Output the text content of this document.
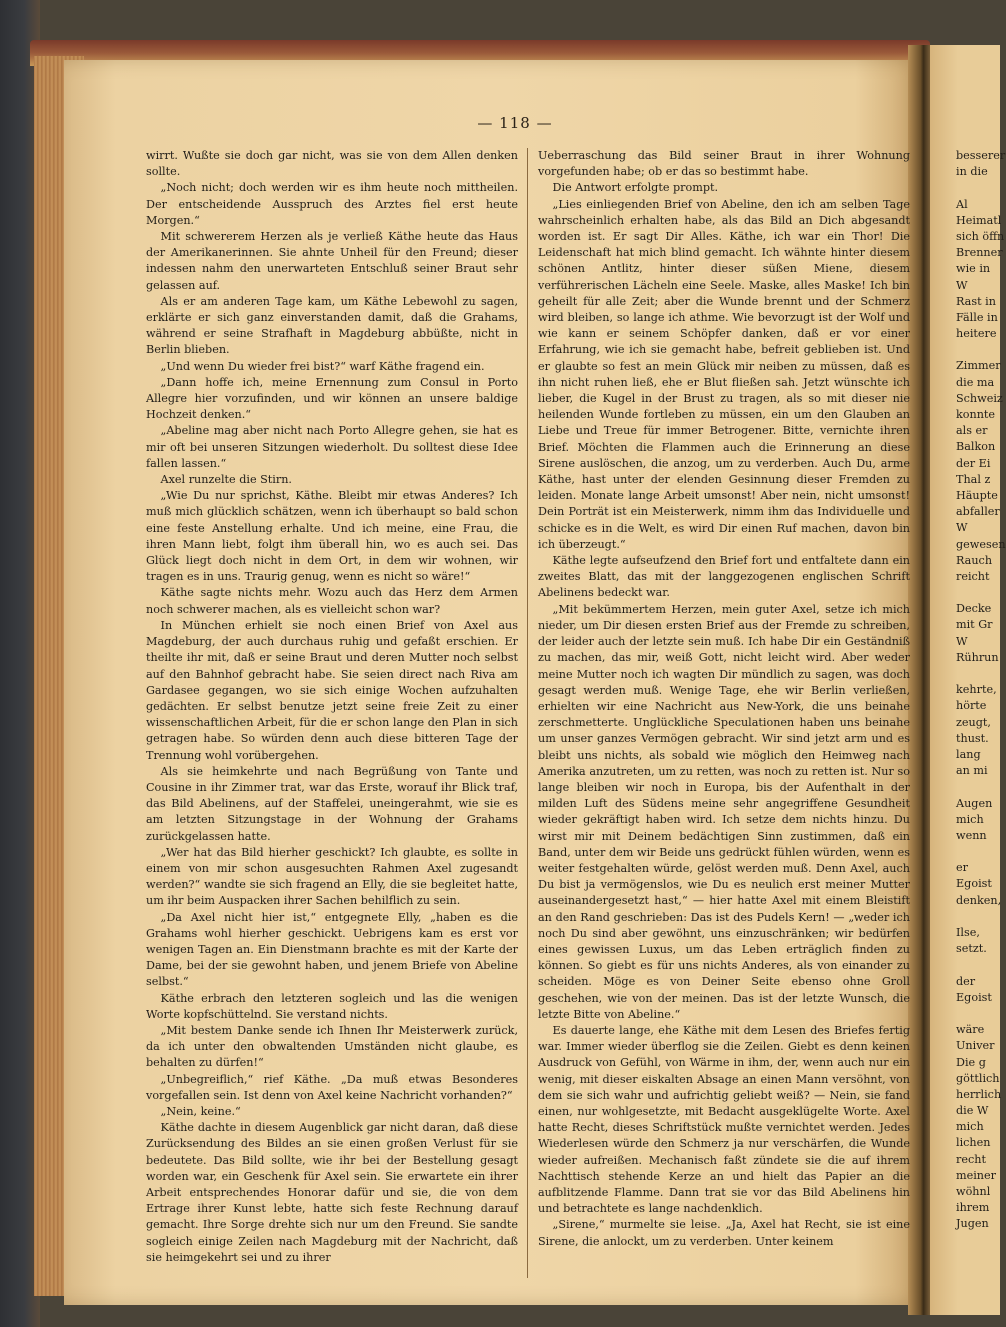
— 118 —

wirrt. Wußte sie doch gar nicht, was sie von dem Allen denken sollte.

„Noch nicht; doch werden wir es ihm heute noch mittheilen. Der entscheidende Ausspruch des Arztes fiel erst heute Morgen.“

Mit schwererem Herzen als je verließ Käthe heute das Haus der Amerikanerinnen. Sie ahnte Unheil für den Freund; dieser indessen nahm den unerwarteten Entschluß seiner Braut sehr gelassen auf.

Als er am anderen Tage kam, um Käthe Lebewohl zu sagen, erklärte er sich ganz einverstanden damit, daß die Grahams, während er seine Strafhaft in Magdeburg abbüßte, nicht in Berlin blieben.

„Und wenn Du wieder frei bist?“ warf Käthe fragend ein.

„Dann hoffe ich, meine Ernennung zum Consul in Porto Allegre hier vorzufinden, und wir können an unsere baldige Hochzeit denken.“

„Abeline mag aber nicht nach Porto Allegre gehen, sie hat es mir oft bei unseren Sitzungen wiederholt. Du solltest diese Idee fallen lassen.“

Axel runzelte die Stirn.

„Wie Du nur sprichst, Käthe. Bleibt mir etwas Anderes? Ich muß mich glücklich schätzen, wenn ich überhaupt so bald schon eine feste Anstellung erhalte. Und ich meine, eine Frau, die ihren Mann liebt, folgt ihm überall hin, wo es auch sei. Das Glück liegt doch nicht in dem Ort, in dem wir wohnen, wir tragen es in uns. Traurig genug, wenn es nicht so wäre!“

Käthe sagte nichts mehr. Wozu auch das Herz dem Armen noch schwerer machen, als es vielleicht schon war?

In München erhielt sie noch einen Brief von Axel aus Magdeburg, der auch durchaus ruhig und gefaßt erschien. Er theilte ihr mit, daß er seine Braut und deren Mutter noch selbst auf den Bahnhof gebracht habe. Sie seien direct nach Riva am Gardasee gegangen, wo sie sich einige Wochen aufzuhalten gedächten. Er selbst benutze jetzt seine freie Zeit zu einer wissenschaftlichen Arbeit, für die er schon lange den Plan in sich getragen habe. So würden denn auch diese bitteren Tage der Trennung wohl vorübergehen.

Als sie heimkehrte und nach Begrüßung von Tante und Cousine in ihr Zimmer trat, war das Erste, worauf ihr Blick traf, das Bild Abelinens, auf der Staffelei, uneingerahmt, wie sie es am letzten Sitzungstage in der Wohnung der Grahams zurückgelassen hatte.

„Wer hat das Bild hierher geschickt? Ich glaubte, es sollte in einem von mir schon ausgesuchten Rahmen Axel zugesandt werden?“ wandte sie sich fragend an Elly, die sie begleitet hatte, um ihr beim Auspacken ihrer Sachen behilflich zu sein.

„Da Axel nicht hier ist,“ entgegnete Elly, „haben es die Grahams wohl hierher geschickt. Uebrigens kam es erst vor wenigen Tagen an. Ein Dienstmann brachte es mit der Karte der Dame, bei der sie gewohnt haben, und jenem Briefe von Abeline selbst.“

Käthe erbrach den letzteren sogleich und las die wenigen Worte kopfschüttelnd. Sie verstand nichts.

„Mit bestem Danke sende ich Ihnen Ihr Meisterwerk zurück, da ich unter den obwaltenden Umständen nicht glaube, es behalten zu dürfen!“

„Unbegreiflich,“ rief Käthe. „Da muß etwas Besonderes vorgefallen sein. Ist denn von Axel keine Nachricht vorhanden?“

„Nein, keine.“

Käthe dachte in diesem Augenblick gar nicht daran, daß diese Zurücksendung des Bildes an sie einen großen Verlust für sie bedeutete. Das Bild sollte, wie ihr bei der Bestellung gesagt worden war, ein Geschenk für Axel sein. Sie erwartete ein ihrer Arbeit entsprechendes Honorar dafür und sie, die von dem Ertrage ihrer Kunst lebte, hatte sich feste Rechnung darauf gemacht. Ihre Sorge drehte sich nur um den Freund. Sie sandte sogleich einige Zeilen nach Magdeburg mit der Nachricht, daß sie heimgekehrt sei und zu ihrer

Ueberraschung das Bild seiner Braut in ihrer Wohnung vorgefunden habe; ob er das so bestimmt habe.

Die Antwort erfolgte prompt.

„Lies einliegenden Brief von Abeline, den ich am selben Tage wahrscheinlich erhalten habe, als das Bild an Dich abgesandt worden ist. Er sagt Dir Alles. Käthe, ich war ein Thor! Die Leidenschaft hat mich blind gemacht. Ich wähnte hinter diesem schönen Antlitz, hinter dieser süßen Miene, diesem verführerischen Lächeln eine Seele. Maske, alles Maske! Ich bin geheilt für alle Zeit; aber die Wunde brennt und der Schmerz wird bleiben, so lange ich athme. Wie bevorzugt ist der Wolf und wie kann er seinem Schöpfer danken, daß er vor einer Erfahrung, wie ich sie gemacht habe, befreit geblieben ist. Und er glaubte so fest an mein Glück mir neiben zu müssen, daß es ihn nicht ruhen ließ, ehe er Blut fließen sah. Jetzt wünschte ich lieber, die Kugel in der Brust zu tragen, als so mit dieser nie heilenden Wunde fortleben zu müssen, ein um den Glauben an Liebe und Treue für immer Betrogener. Bitte, vernichte ihren Brief. Möchten die Flammen auch die Erinnerung an diese Sirene auslöschen, die anzog, um zu verderben. Auch Du, arme Käthe, hast unter der elenden Gesinnung dieser Fremden zu leiden. Monate lange Arbeit umsonst! Aber nein, nicht umsonst! Dein Porträt ist ein Meisterwerk, nimm ihm das Individuelle und schicke es in die Welt, es wird Dir einen Ruf machen, davon bin ich überzeugt.“

Käthe legte aufseufzend den Brief fort und entfaltete dann ein zweites Blatt, das mit der langgezogenen englischen Schrift Abelinens bedeckt war.

„Mit bekümmertem Herzen, mein guter Axel, setze ich mich nieder, um Dir diesen ersten Brief aus der Fremde zu schreiben, der leider auch der letzte sein muß. Ich habe Dir ein Geständniß zu machen, das mir, weiß Gott, nicht leicht wird. Aber weder meine Mutter noch ich wagten Dir mündlich zu sagen, was doch gesagt werden muß. Wenige Tage, ehe wir Berlin verließen, erhielten wir eine Nachricht aus New-York, die uns beinahe zerschmetterte. Unglückliche Speculationen haben uns beinahe um unser ganzes Vermögen gebracht. Wir sind jetzt arm und es bleibt uns nichts, als sobald wie möglich den Heimweg nach Amerika anzutreten, um zu retten, was noch zu retten ist. Nur so lange bleiben wir noch in Europa, bis der Aufenthalt in der milden Luft des Südens meine sehr angegriffene Gesundheit wieder gekräftigt haben wird. Ich setze dem nichts hinzu. Du wirst mir mit Deinem bedächtigen Sinn zustimmen, daß ein Band, unter dem wir Beide uns gedrückt fühlen würden, wenn es weiter festgehalten würde, gelöst werden muß. Denn Axel, auch Du bist ja vermögenslos, wie Du es neulich erst meiner Mutter auseinandergesetzt hast,“ — hier hatte Axel mit einem Bleistift an den Rand geschrieben: Das ist des Pudels Kern! — „weder ich noch Du sind aber gewöhnt, uns einzuschränken; wir bedürfen eines gewissen Luxus, um das Leben erträglich finden zu können. So giebt es für uns nichts Anderes, als von einander zu scheiden. Möge es von Deiner Seite ebenso ohne Groll geschehen, wie von der meinen. Das ist der letzte Wunsch, die letzte Bitte von Abeline.“

Es dauerte lange, ehe Käthe mit dem Lesen des Briefes fertig war. Immer wieder überflog sie die Zeilen. Giebt es denn keinen Ausdruck von Gefühl, von Wärme in ihm, der, wenn auch nur ein wenig, mit dieser eiskalten Absage an einen Mann versöhnt, von dem sie sich wahr und aufrichtig geliebt weiß? — Nein, sie fand einen, nur wohlgesetzte, mit Bedacht ausgeklügelte Worte. Axel hatte Recht, dieses Schriftstück mußte vernichtet werden. Jedes Wiederlesen würde den Schmerz ja nur verschärfen, die Wunde wieder aufreißen. Mechanisch faßt zündete sie die auf ihrem Nachttisch stehende Kerze an und hielt das Papier an die aufblitzende Flamme. Dann trat sie vor das Bild Abelinens hin und betrachtete es lange nachdenklich.

„Sirene,“ murmelte sie leise. „Ja, Axel hat Recht, sie ist eine Sirene, die anlockt, um zu verderben. Unter keinem

besserer
in die
Al
Heimatl
sich öffn
Brenner
wie in
W
Rast in
Fälle in
heitere
Zimmer
die ma
Schweiz
konnte
als er
Balkon
der Ei
Thal z
Häupte
abfaller
W
gewesen
Rauch
reicht
Decke
mit Gr
W
Rührun
kehrte,
hörte
zeugt,
thust.
lang
an mi
Augen
mich
wenn
er
Egoist
denken,
Ilse,
setzt.
der
Egoist
wäre
Univer
Die g
göttlich
herrlich
die W
mich
lichen
recht
meiner
wöhnl
ihrem
Jugen
